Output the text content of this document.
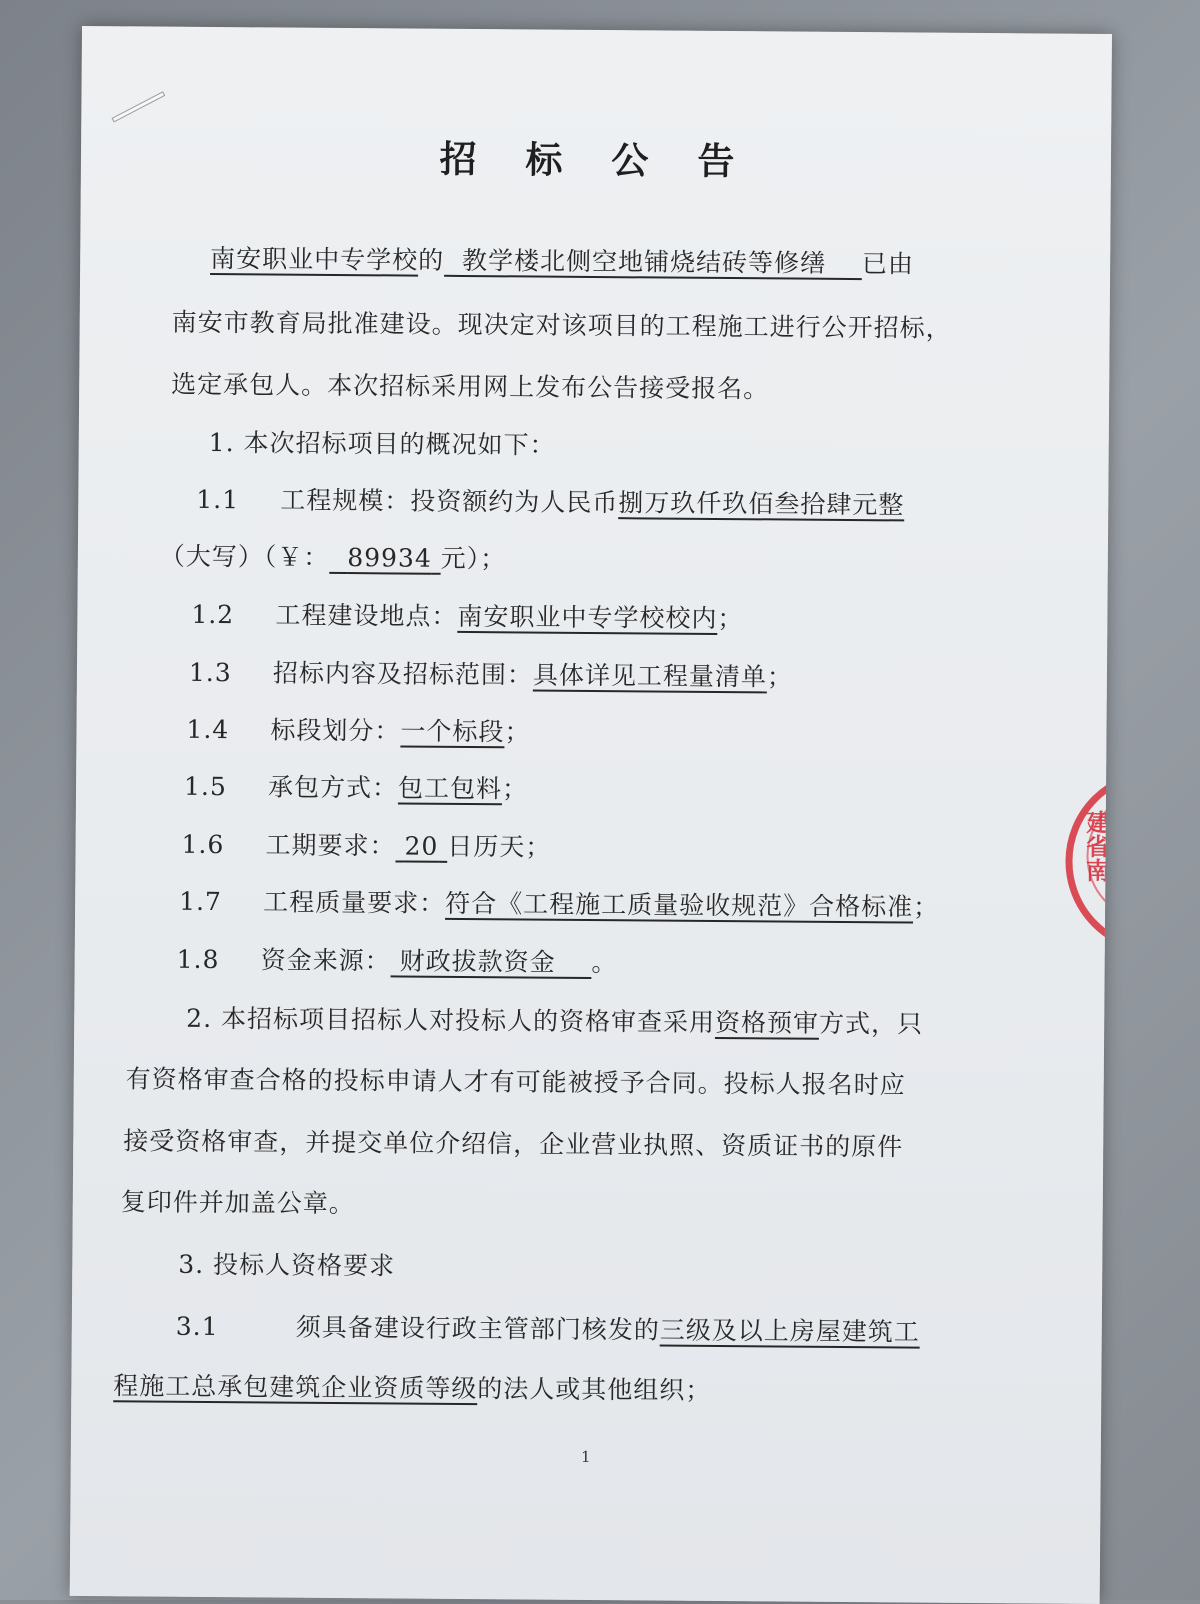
招 标 公 告
南安职业中专学校的 教学楼北侧空地铺烧结砖等修缮 已由
南安市教育局批准建设。现决定对该项目的工程施工进行公开招标，
选定承包人。本次招标采用网上发布公告接受报名。
1. 本次招标项目的概况如下：
1.1 工程规模：投资额约为人民币捌万玖仟玖佰叁拾肆元整
（大写）（￥： 89934 元）；
1.2 工程建设地点：南安职业中专学校校内；
1.3 招标内容及招标范围：具体详见工程量清单；
1.4 标段划分：一个标段；
1.5 承包方式：包工包料；
1.6 工期要求： 20 日历天；
1.7 工程质量要求：符合《工程施工质量验收规范》合格标准；
1.8 资金来源： 财政拔款资金 。
2. 本招标项目招标人对投标人的资格审查采用资格预审方式，只
有资格审查合格的投标申请人才有可能被授予合同。投标人报名时应
接受资格审查，并提交单位介绍信，企业营业执照、资质证书的原件
复印件并加盖公章。
3. 投标人资格要求
3.1	须具备建设行政主管部门核发的三级及以上房屋建筑工
程施工总承包建筑企业资质等级的法人或其他组织；
1
建省南
